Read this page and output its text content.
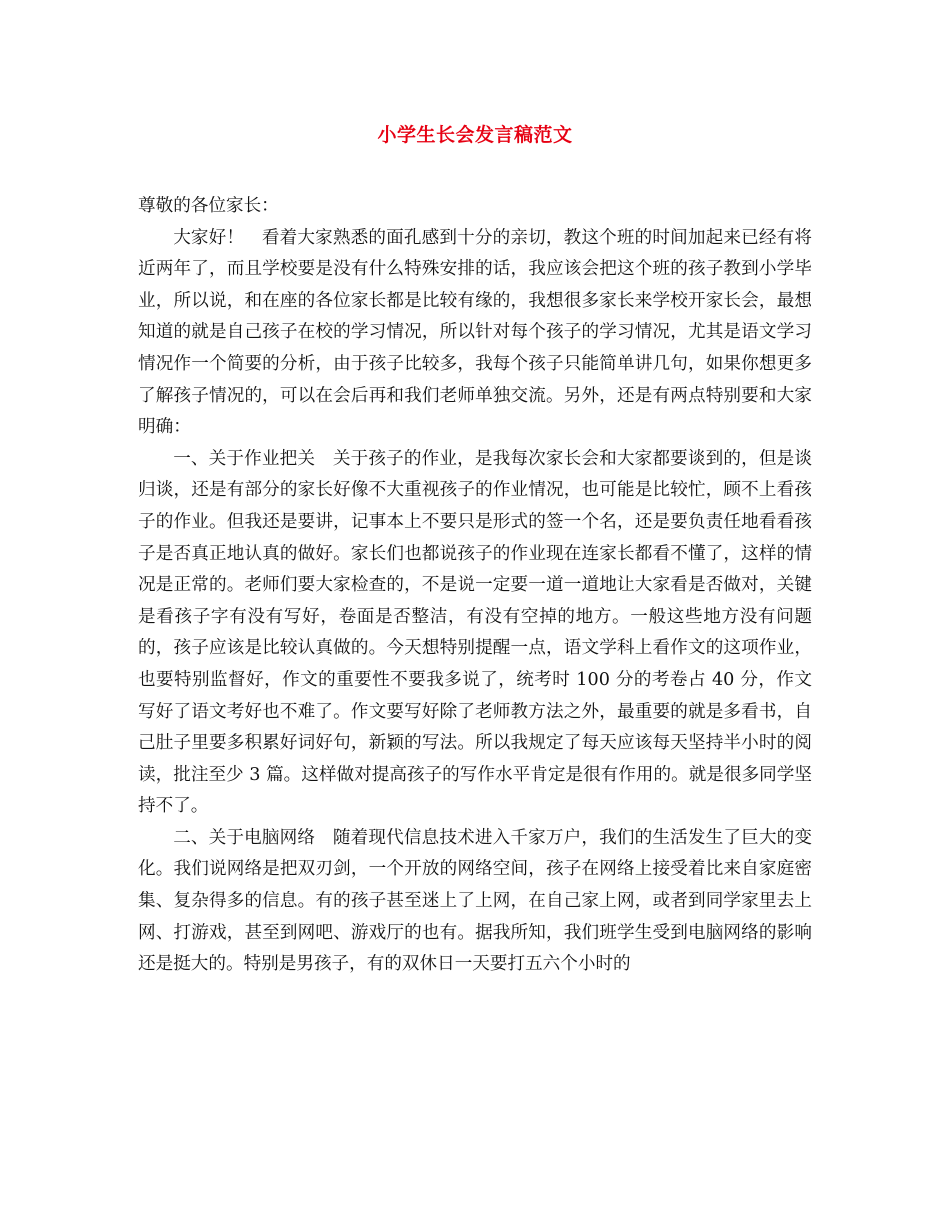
小学生长会发言稿范文

尊敬的各位家长：

大家好！　看着大家熟悉的面孔感到十分的亲切，教这个班的时间加起来已经有将近两年了，而且学校要是没有什么特殊安排的话，我应该会把这个班的孩子教到小学毕业，所以说，和在座的各位家长都是比较有缘的，我想很多家长来学校开家长会，最想知道的就是自己孩子在校的学习情况，所以针对每个孩子的学习情况，尤其是语文学习情况作一个简要的分析，由于孩子比较多，我每个孩子只能简单讲几句，如果你想更多了解孩子情况的，可以在会后再和我们老师单独交流。另外，还是有两点特别要和大家明确：

一、关于作业把关　关于孩子的作业，是我每次家长会和大家都要谈到的，但是谈归谈，还是有部分的家长好像不大重视孩子的作业情况，也可能是比较忙，顾不上看孩子的作业。但我还是要讲，记事本上不要只是形式的签一个名，还是要负责任地看看孩子是否真正地认真的做好。家长们也都说孩子的作业现在连家长都看不懂了，这样的情况是正常的。老师们要大家检查的，不是说一定要一道一道地让大家看是否做对，关键是看孩子字有没有写好，卷面是否整洁，有没有空掉的地方。一般这些地方没有问题的，孩子应该是比较认真做的。今天想特别提醒一点，语文学科上看作文的这项作业，也要特别监督好，作文的重要性不要我多说了，统考时 100 分的考卷占 40 分，作文写好了语文考好也不难了。作文要写好除了老师教方法之外，最重要的就是多看书，自己肚子里要多积累好词好句，新颖的写法。所以我规定了每天应该每天坚持半小时的阅读，批注至少 3 篇。这样做对提高孩子的写作水平肯定是很有作用的。就是很多同学坚持不了。

二、关于电脑网络　随着现代信息技术进入千家万户，我们的生活发生了巨大的变化。我们说网络是把双刃剑，一个开放的网络空间，孩子在网络上接受着比来自家庭密集、复杂得多的信息。有的孩子甚至迷上了上网，在自己家上网，或者到同学家里去上网、打游戏，甚至到网吧、游戏厅的也有。据我所知，我们班学生受到电脑网络的影响还是挺大的。特别是男孩子，有的双休日一天要打五六个小时的
